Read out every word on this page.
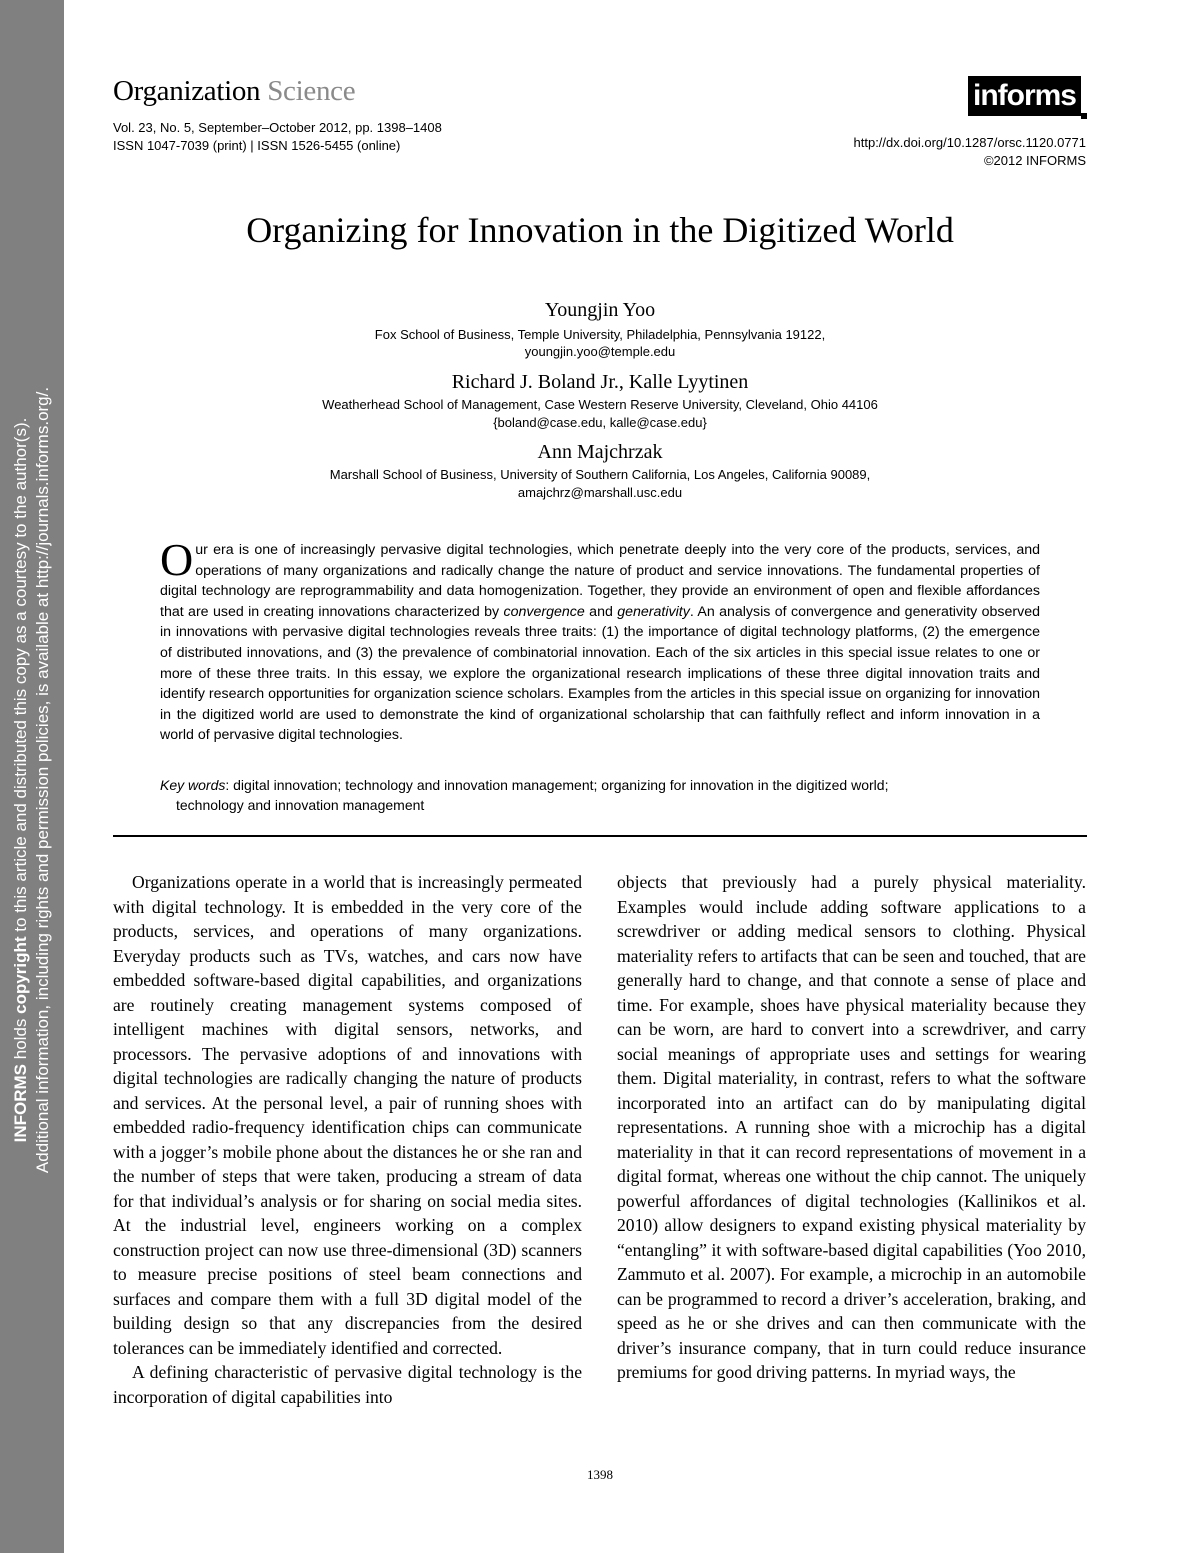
INFORMS holds copyright to this article and distributed this copy as a courtesy to the author(s). Additional information, including rights and permission policies, is available at http://journals.informs.org/.
Organization Science
Vol. 23, No. 5, September–October 2012, pp. 1398–1408
ISSN 1047-7039 (print) | ISSN 1526-5455 (online)
informs
http://dx.doi.org/10.1287/orsc.1120.0771
©2012 INFORMS
Organizing for Innovation in the Digitized World
Youngjin Yoo
Fox School of Business, Temple University, Philadelphia, Pennsylvania 19122,
youngjin.yoo@temple.edu
Richard J. Boland Jr., Kalle Lyytinen
Weatherhead School of Management, Case Western Reserve University, Cleveland, Ohio 44106
{boland@case.edu, kalle@case.edu}
Ann Majchrzak
Marshall School of Business, University of Southern California, Los Angeles, California 90089,
amajchrz@marshall.usc.edu
Our era is one of increasingly pervasive digital technologies, which penetrate deeply into the very core of the products, services, and operations of many organizations and radically change the nature of product and service innovations. The fundamental properties of digital technology are reprogrammability and data homogenization. Together, they provide an environment of open and flexible affordances that are used in creating innovations characterized by convergence and generativity. An analysis of convergence and generativity observed in innovations with pervasive digital technologies reveals three traits: (1) the importance of digital technology platforms, (2) the emergence of distributed innovations, and (3) the prevalence of combinatorial innovation. Each of the six articles in this special issue relates to one or more of these three traits. In this essay, we explore the organizational research implications of these three digital innovation traits and identify research opportunities for organization science scholars. Examples from the articles in this special issue on organizing for innovation in the digitized world are used to demonstrate the kind of organizational scholarship that can faithfully reflect and inform innovation in a world of pervasive digital technologies.
Key words: digital innovation; technology and innovation management; organizing for innovation in the digitized world;
technology and innovation management

Organizations operate in a world that is increasingly permeated with digital technology. It is embedded in the very core of the products, services, and operations of many organizations. Everyday products such as TVs, watches, and cars now have embedded software-based digital capabilities, and organizations are routinely creating management systems composed of intelligent machines with digital sensors, networks, and processors. The pervasive adoptions of and innovations with digital technologies are radically changing the nature of products and services. At the personal level, a pair of running shoes with embedded radio-frequency identification chips can communicate with a jogger’s mobile phone about the distances he or she ran and the number of steps that were taken, producing a stream of data for that individual’s analysis or for sharing on social media sites. At the industrial level, engineers working on a complex construction project can now use three-dimensional (3D) scanners to measure precise positions of steel beam connections and surfaces and compare them with a full 3D digital model of the building design so that any discrepancies from the desired tolerances can be immediately identified and corrected.

A defining characteristic of pervasive digital technology is the incorporation of digital capabilities into

objects that previously had a purely physical materiality. Examples would include adding software applications to a screwdriver or adding medical sensors to clothing. Physical materiality refers to artifacts that can be seen and touched, that are generally hard to change, and that connote a sense of place and time. For example, shoes have physical materiality because they can be worn, are hard to convert into a screwdriver, and carry social meanings of appropriate uses and settings for wearing them. Digital materiality, in contrast, refers to what the software incorporated into an artifact can do by manipulating digital representations. A running shoe with a microchip has a digital materiality in that it can record representations of movement in a digital format, whereas one without the chip cannot. The uniquely powerful affordances of digital technologies (Kallinikos et al. 2010) allow designers to expand existing physical materiality by “entangling” it with software-based digital capabilities (Yoo 2010, Zammuto et al. 2007). For example, a microchip in an automobile can be programmed to record a driver’s acceleration, braking, and speed as he or she drives and can then communicate with the driver’s insurance company, that in turn could reduce insurance premiums for good driving patterns. In myriad ways, the

1398
